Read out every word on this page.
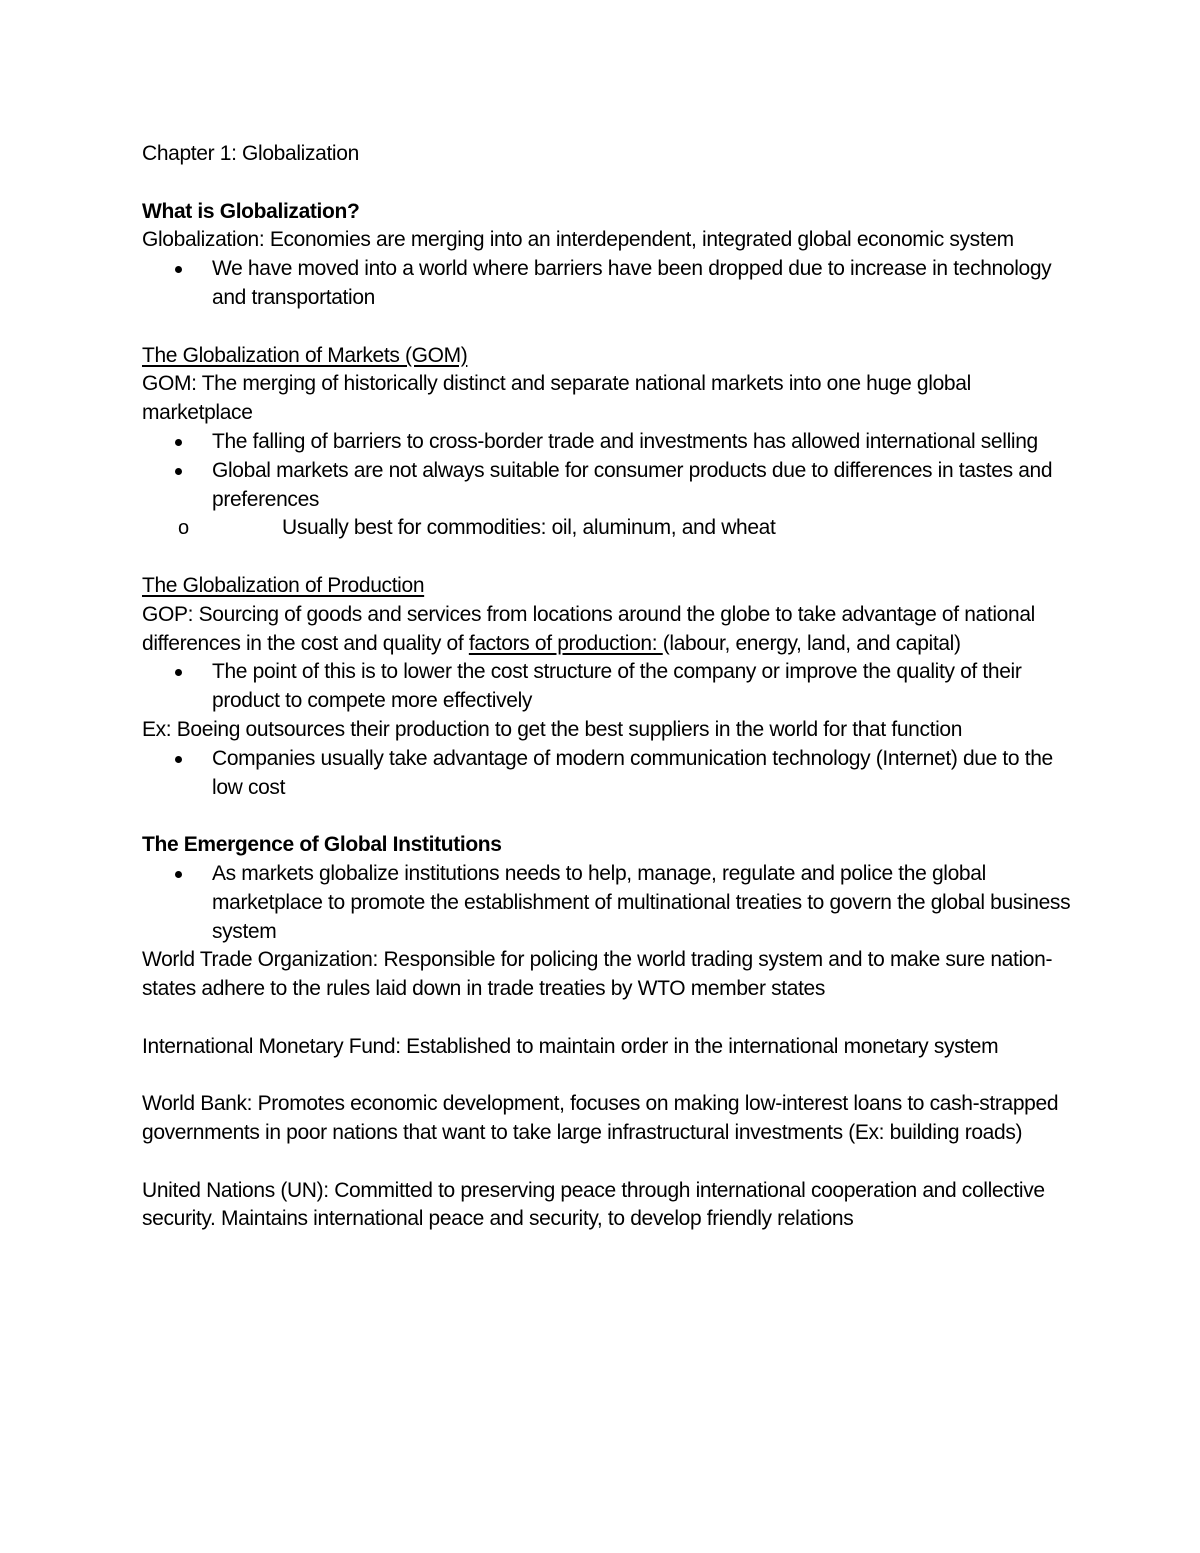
Chapter 1: Globalization

What is Globalization?

Globalization: Economies are merging into an interdependent, integrated global economic system

We have moved into a world where barriers have been dropped due to increase in technology and transportation

The Globalization of Markets (GOM)

GOM: The merging of historically distinct and separate national markets into one huge global marketplace

The falling of barriers to cross-border trade and investments has allowed international selling
Global markets are not always suitable for consumer products due to differences in tastes and preferences
o Usually best for commodities: oil, aluminum, and wheat

The Globalization of Production

GOP: Sourcing of goods and services from locations around the globe to take advantage of national differences in the cost and quality of factors of production: (labour, energy, land, and capital)

The point of this is to lower the cost structure of the company or improve the quality of their product to compete more effectively

Ex: Boeing outsources their production to get the best suppliers in the world for that function

Companies usually take advantage of modern communication technology (Internet) due to the low cost

The Emergence of Global Institutions

As markets globalize institutions needs to help, manage, regulate and police the global marketplace to promote the establishment of multinational treaties to govern the global business system

World Trade Organization: Responsible for policing the world trading system and to make sure nation-states adhere to the rules laid down in trade treaties by WTO member states

International Monetary Fund: Established to maintain order in the international monetary system

World Bank: Promotes economic development, focuses on making low-interest loans to cash-strapped governments in poor nations that want to take large infrastructural investments (Ex: building roads)

United Nations (UN): Committed to preserving peace through international cooperation and collective security. Maintains international peace and security, to develop friendly relations
